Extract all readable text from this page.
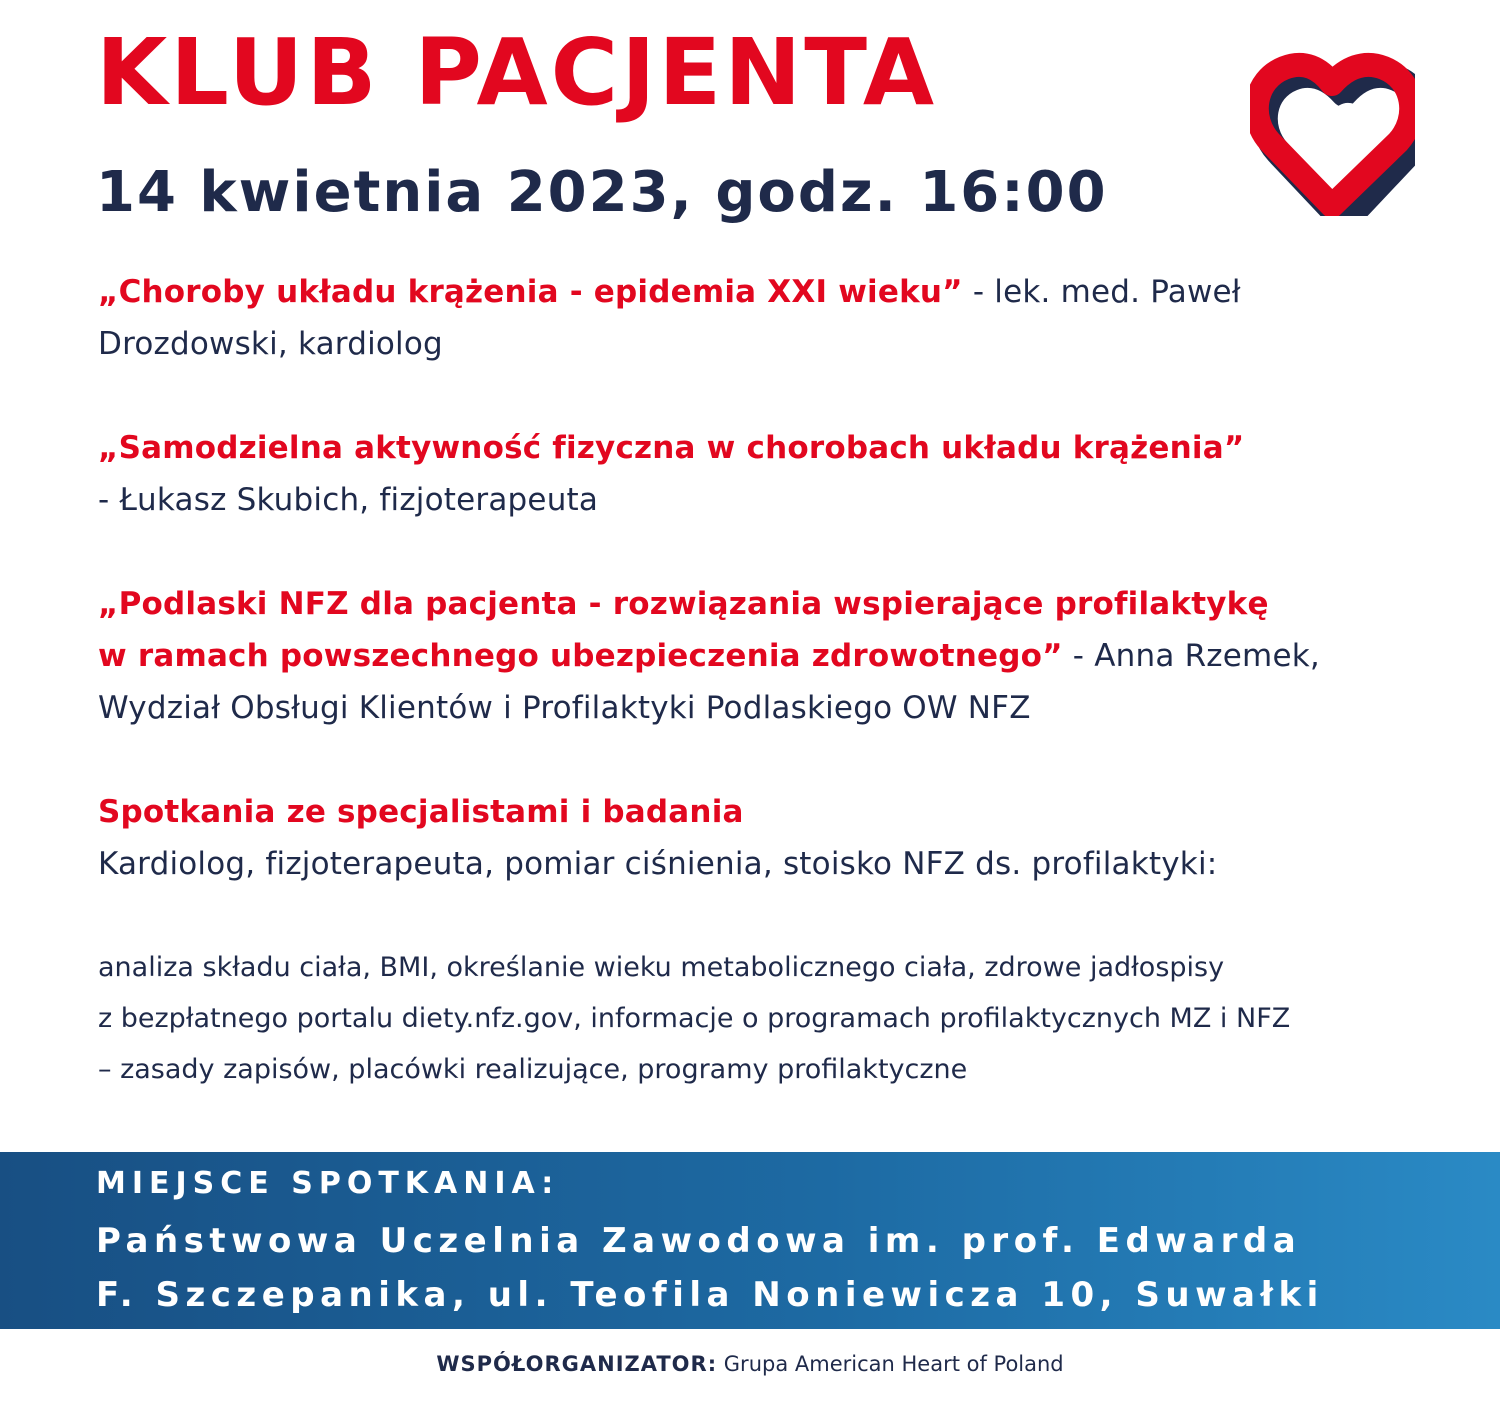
KLUB PACJENTA
14 kwietnia 2023, godz. 16:00

„Choroby układu krążenia - epidemia XXI wieku” - lek. med. Paweł
Drozdowski, kardiolog

„Samodzielna aktywność fizyczna w chorobach układu krążenia”
- Łukasz Skubich, fizjoterapeuta

„Podlaski NFZ dla pacjenta - rozwiązania wspierające profilaktykę
w ramach powszechnego ubezpieczenia zdrowotnego” - Anna Rzemek,
Wydział Obsługi Klientów i Profilaktyki Podlaskiego OW NFZ

Spotkania ze specjalistami i badania
Kardiolog, fizjoterapeuta, pomiar ciśnienia, stoisko NFZ ds. profilaktyki:

analiza składu ciała, BMI, określanie wieku metabolicznego ciała, zdrowe jadłospisy

z bezpłatnego portalu diety.nfz.gov, informacje o programach profilaktycznych MZ i NFZ

– zasady zapisów, placówki realizujące, programy profilaktyczne

MIEJSCE SPOTKANIA:
Państwowa Uczelnia Zawodowa im. prof. Edwarda
F. Szczepanika, ul. Teofila Noniewicza 10, Suwałki
WSPÓŁORGANIZATOR: Grupa American Heart of Poland
